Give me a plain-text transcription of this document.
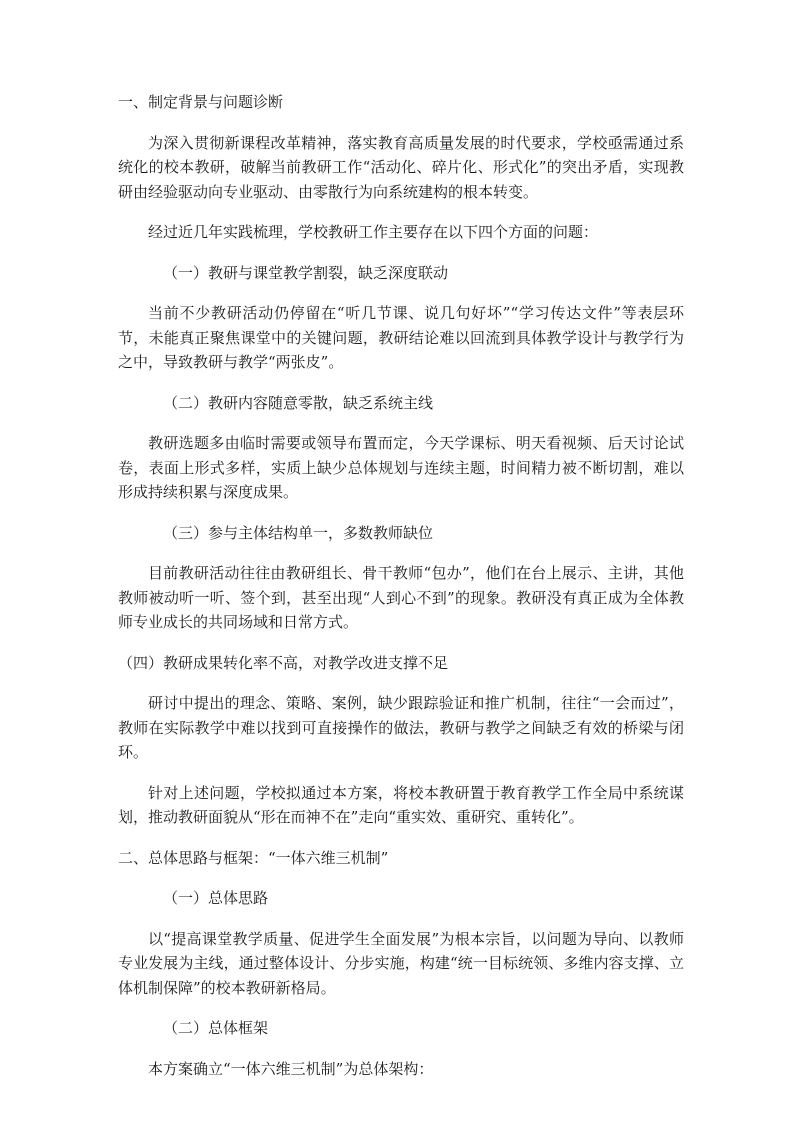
一、制定背景与问题诊断

为深入贯彻新课程改革精神，落实教育高质量发展的时代要求，学校亟需通过系统化的校本教研，破解当前教研工作“活动化、碎片化、形式化”的突出矛盾，实现教研由经验驱动向专业驱动、由零散行为向系统建构的根本转变。

经过近几年实践梳理，学校教研工作主要存在以下四个方面的问题：

（一）教研与课堂教学割裂，缺乏深度联动

当前不少教研活动仍停留在“听几节课、说几句好坏”“学习传达文件”等表层环节，未能真正聚焦课堂中的关键问题，教研结论难以回流到具体教学设计与教学行为之中，导致教研与教学“两张皮”。

（二）教研内容随意零散，缺乏系统主线

教研选题多由临时需要或领导布置而定，今天学课标、明天看视频、后天讨论试卷，表面上形式多样，实质上缺少总体规划与连续主题，时间精力被不断切割，难以形成持续积累与深度成果。

（三）参与主体结构单一，多数教师缺位

目前教研活动往往由教研组长、骨干教师“包办”，他们在台上展示、主讲，其他教师被动听一听、签个到，甚至出现“人到心不到”的现象。教研没有真正成为全体教师专业成长的共同场域和日常方式。

（四）教研成果转化率不高，对教学改进支撑不足

研讨中提出的理念、策略、案例，缺少跟踪验证和推广机制，往往“一会而过”，教师在实际教学中难以找到可直接操作的做法，教研与教学之间缺乏有效的桥梁与闭环。

针对上述问题，学校拟通过本方案，将校本教研置于教育教学工作全局中系统谋划，推动教研面貌从“形在而神不在”走向“重实效、重研究、重转化”。

二、总体思路与框架：“一体六维三机制”

（一）总体思路

以“提高课堂教学质量、促进学生全面发展”为根本宗旨，以问题为导向、以教师专业发展为主线，通过整体设计、分步实施，构建“统一目标统领、多维内容支撑、立体机制保障”的校本教研新格局。

（二）总体框架

本方案确立“一体六维三机制”为总体架构：
